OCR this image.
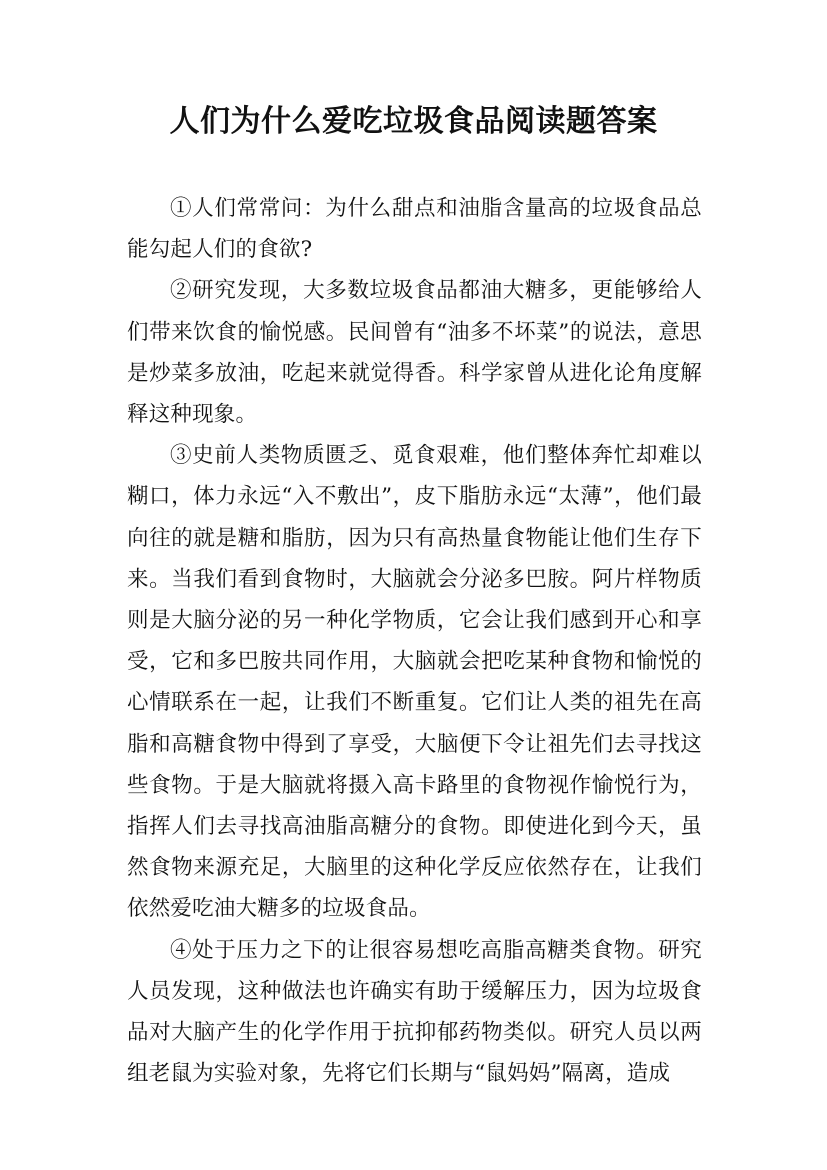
人们为什么爱吃垃圾食品阅读题答案

①人们常常问：为什么甜点和油脂含量高的垃圾食品总能勾起人们的食欲?

②研究发现，大多数垃圾食品都油大糖多，更能够给人们带来饮食的愉悦感。民间曾有“油多不坏菜”的说法，意思是炒菜多放油，吃起来就觉得香。科学家曾从进化论角度解释这种现象。

③史前人类物质匮乏、觅食艰难，他们整体奔忙却难以糊口，体力永远“入不敷出”，皮下脂肪永远“太薄”，他们最向往的就是糖和脂肪，因为只有高热量食物能让他们生存下来。当我们看到食物时，大脑就会分泌多巴胺。阿片样物质则是大脑分泌的另一种化学物质，它会让我们感到开心和享受，它和多巴胺共同作用，大脑就会把吃某种食物和愉悦的心情联系在一起，让我们不断重复。它们让人类的祖先在高脂和高糖食物中得到了享受，大脑便下令让祖先们去寻找这些食物。于是大脑就将摄入高卡路里的食物视作愉悦行为，指挥人们去寻找高油脂高糖分的食物。即使进化到今天，虽然食物来源充足，大脑里的这种化学反应依然存在，让我们依然爱吃油大糖多的垃圾食品。

④处于压力之下的让很容易想吃高脂高糖类食物。研究人员发现，这种做法也许确实有助于缓解压力，因为垃圾食品对大脑产生的化学作用于抗抑郁药物类似。研究人员以两组老鼠为实验对象，先将它们长期与“鼠妈妈”隔离，造成
